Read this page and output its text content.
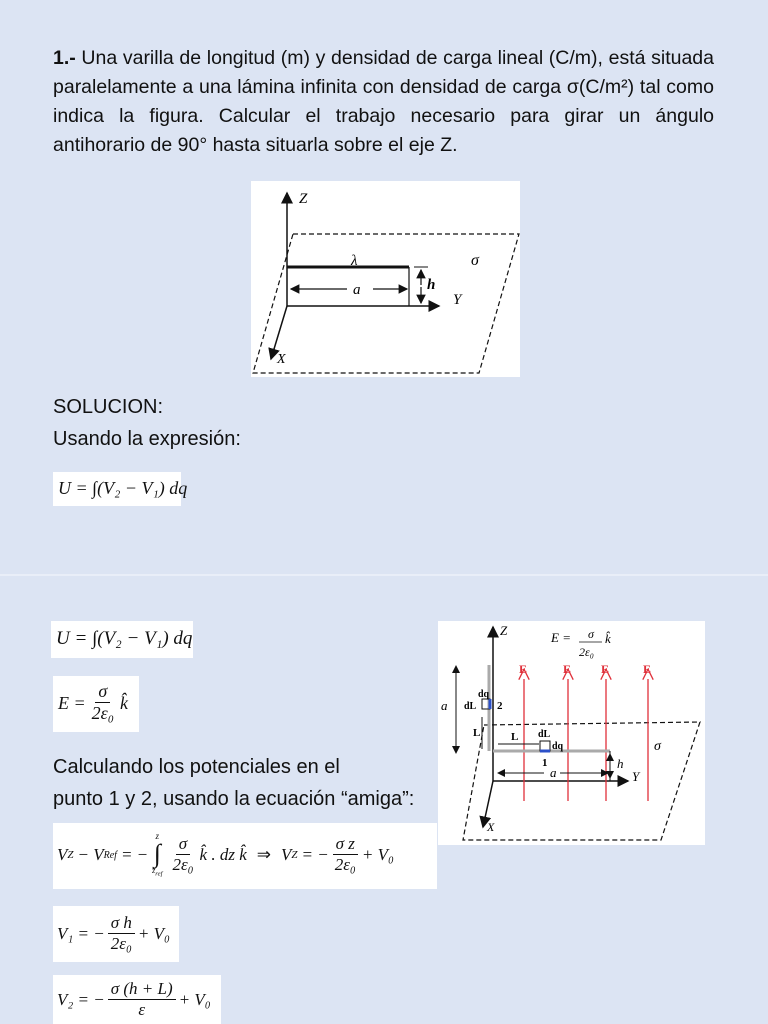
1.- Una varilla de longitud (m) y densidad de carga lineal (C/m), está situada paralelamente a una lámina infinita con densidad de carga σ(C/m²) tal como indica la figura. Calcular el trabajo necesario para girar un ángulo antihorario de 90° hasta situarla sobre el eje Z.
Z
Y
X
λ	σ
a	h
SOLUCION:
Usando la expresión:
U = ∫(V₂ − V₁) dq
U = ∫(V₂ − V₁) dq
$E = \frac{\sigma}{\text{2ε₀}}$ k̂
Calculando los potenciales en el
punto 1 y 2, usando la ecuación “amiga”:
V Z − V Ref = −
z
∫
$z_{ref} \frac{\sigma}{\text{2ε₀}}$ k̂ . dz k̂ ⇒ V Z = − $\frac{\text{σ z}}{\text{2ε₀}} + V_0$
V₁ = − $\frac{\text{σ h}}{\text{2ε₀}} + V_0$
V₂ = − $\frac{\sigma (h + L)}{\varepsilon} + V_0$
Z
Y
X
E = σ
2ε₀
k̂
E	E E	E
a
dq
dL 2
L	L dL
dq
1
a
h
σ
